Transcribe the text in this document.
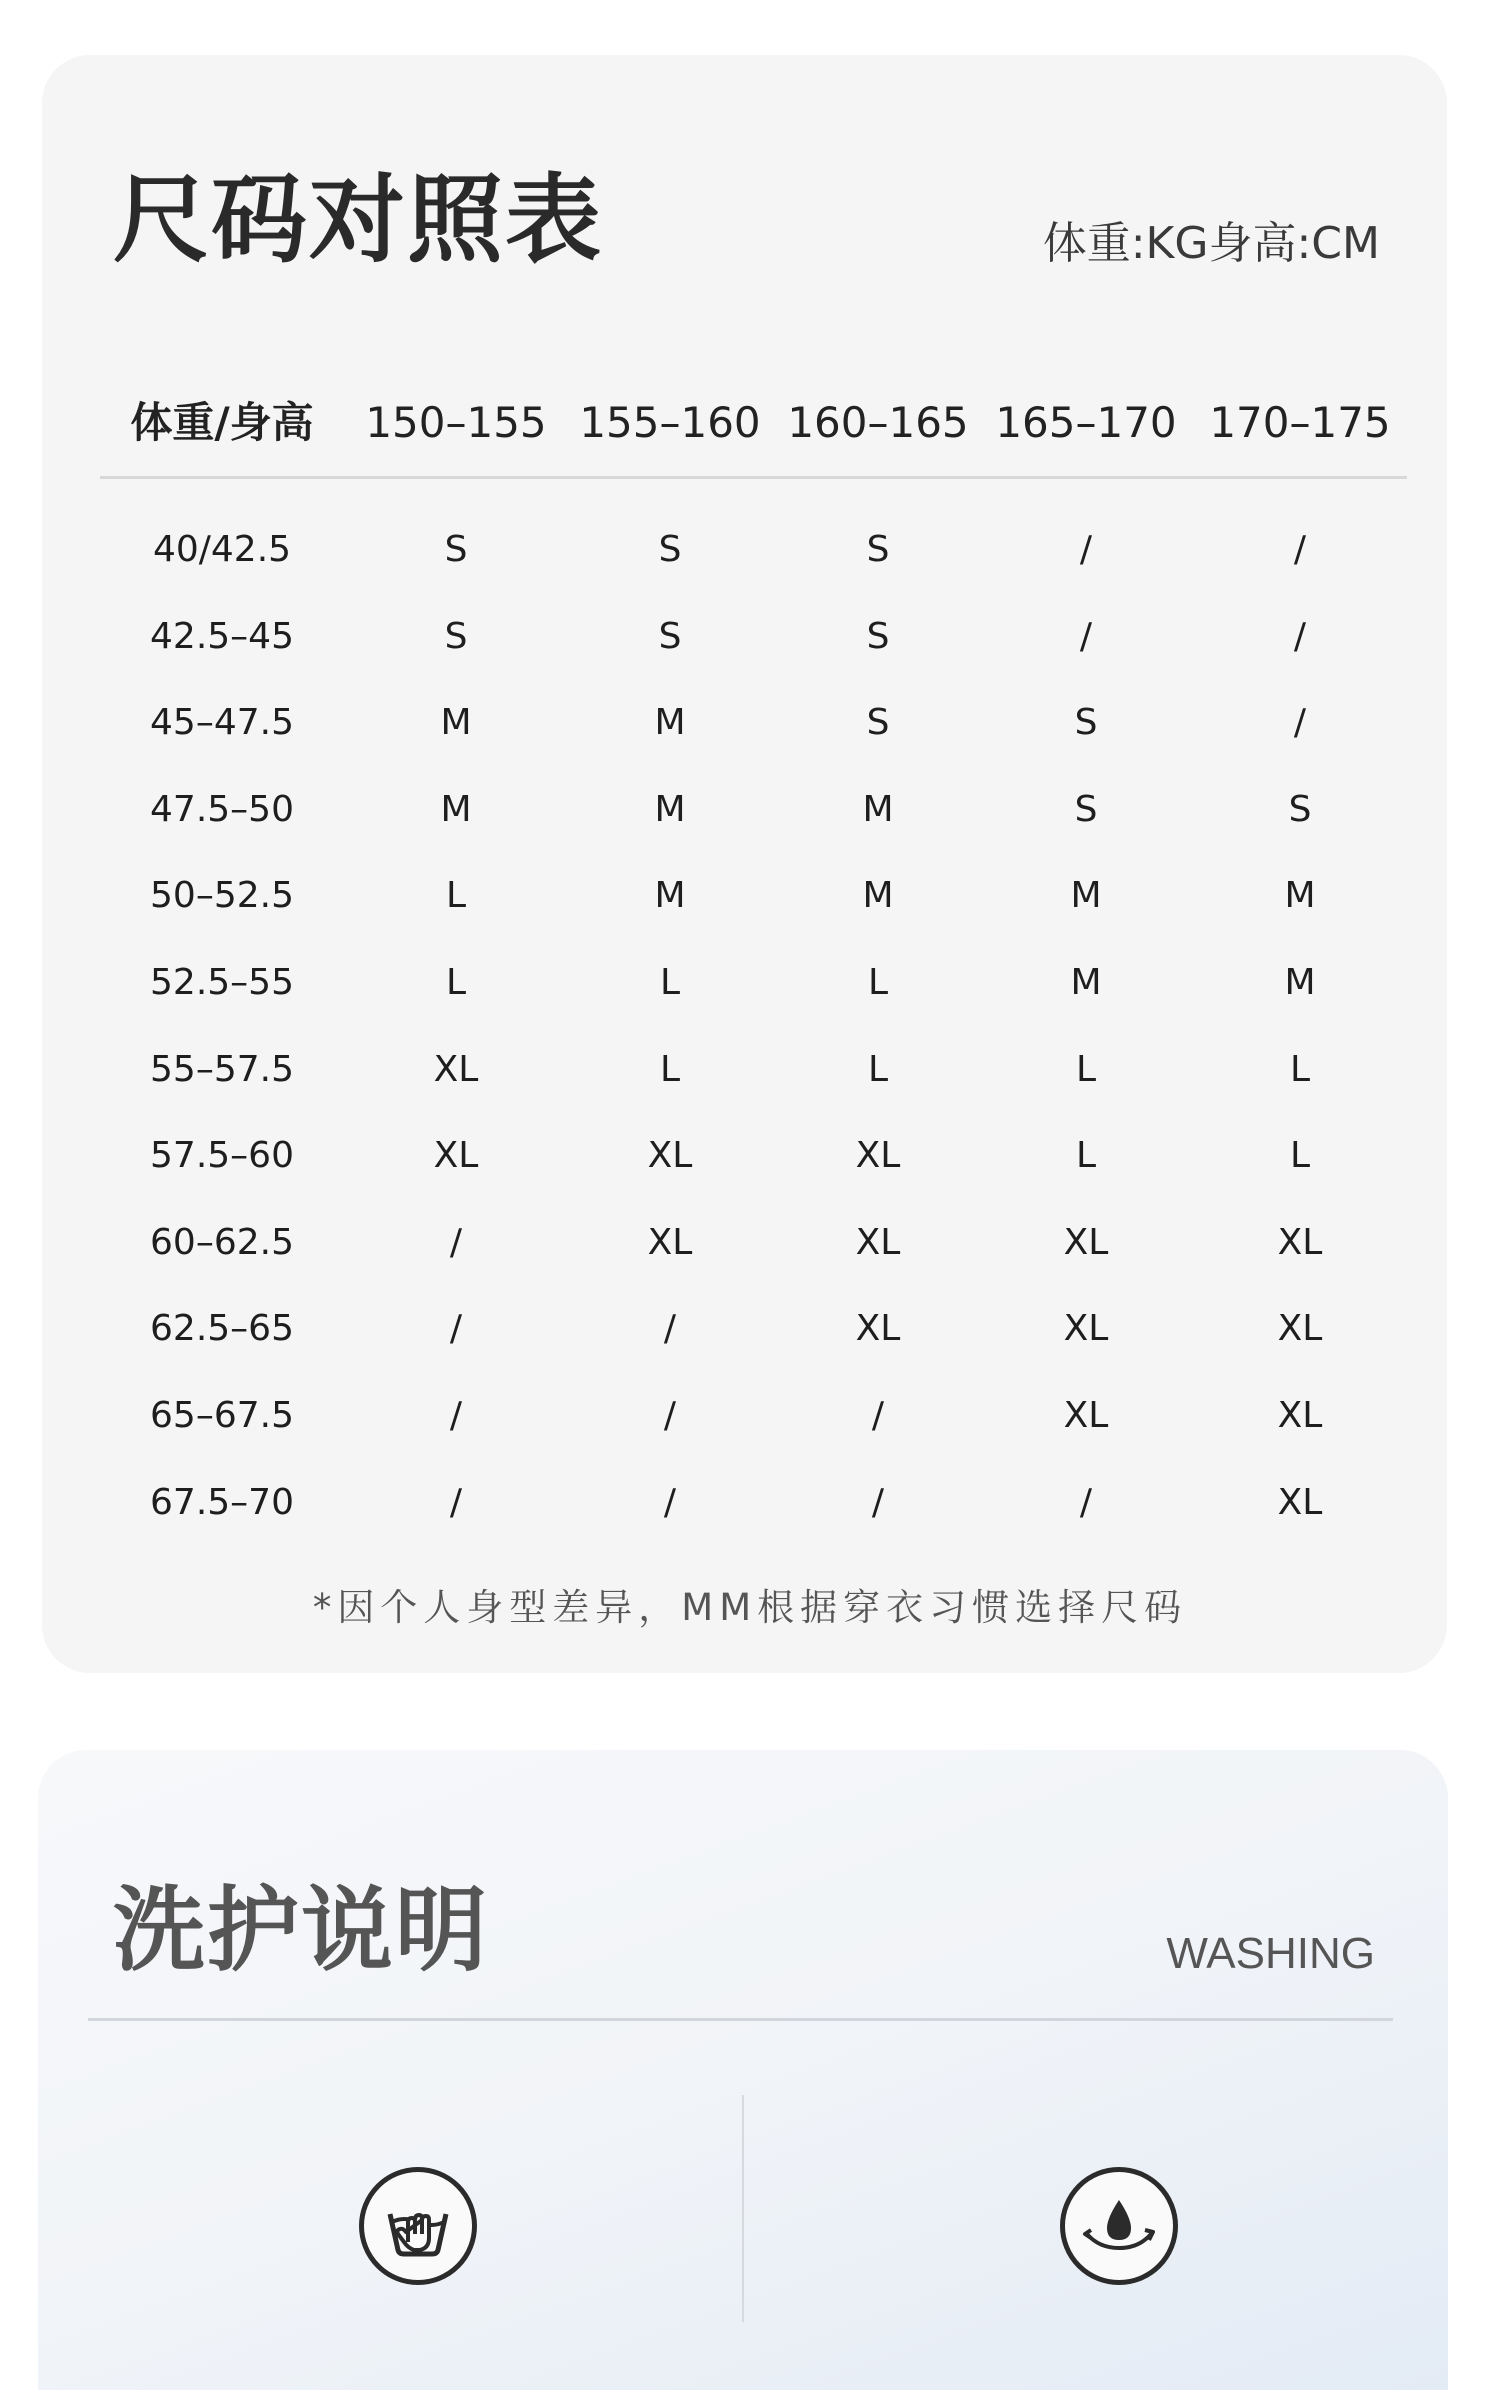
尺码对照表	体重:KG身高:CM
体重/身高 150–155 155–160 160–165 165–170 170–175
40/42.5	S	S	S	/	/
42.5–45	S	S	S	/	/
45–47.5	M	M	S	S	/
47.5–50	M	M	M	S	S
50–52.5	L	M	M	M	M
52.5–55	L	L	L	M	M
55–57.5	XL	L	L	L	L
57.5–60	XL	XL	XL	L	L
60–62.5	/	XL	XL	XL	XL
62.5–65	/	/	XL	XL	XL
65–67.5	/	/	/	XL	XL
67.5–70	/	/	/	/	XL
*因个人身型差异，MM根据穿衣习惯选择尺码
洗护说明	WASHING
